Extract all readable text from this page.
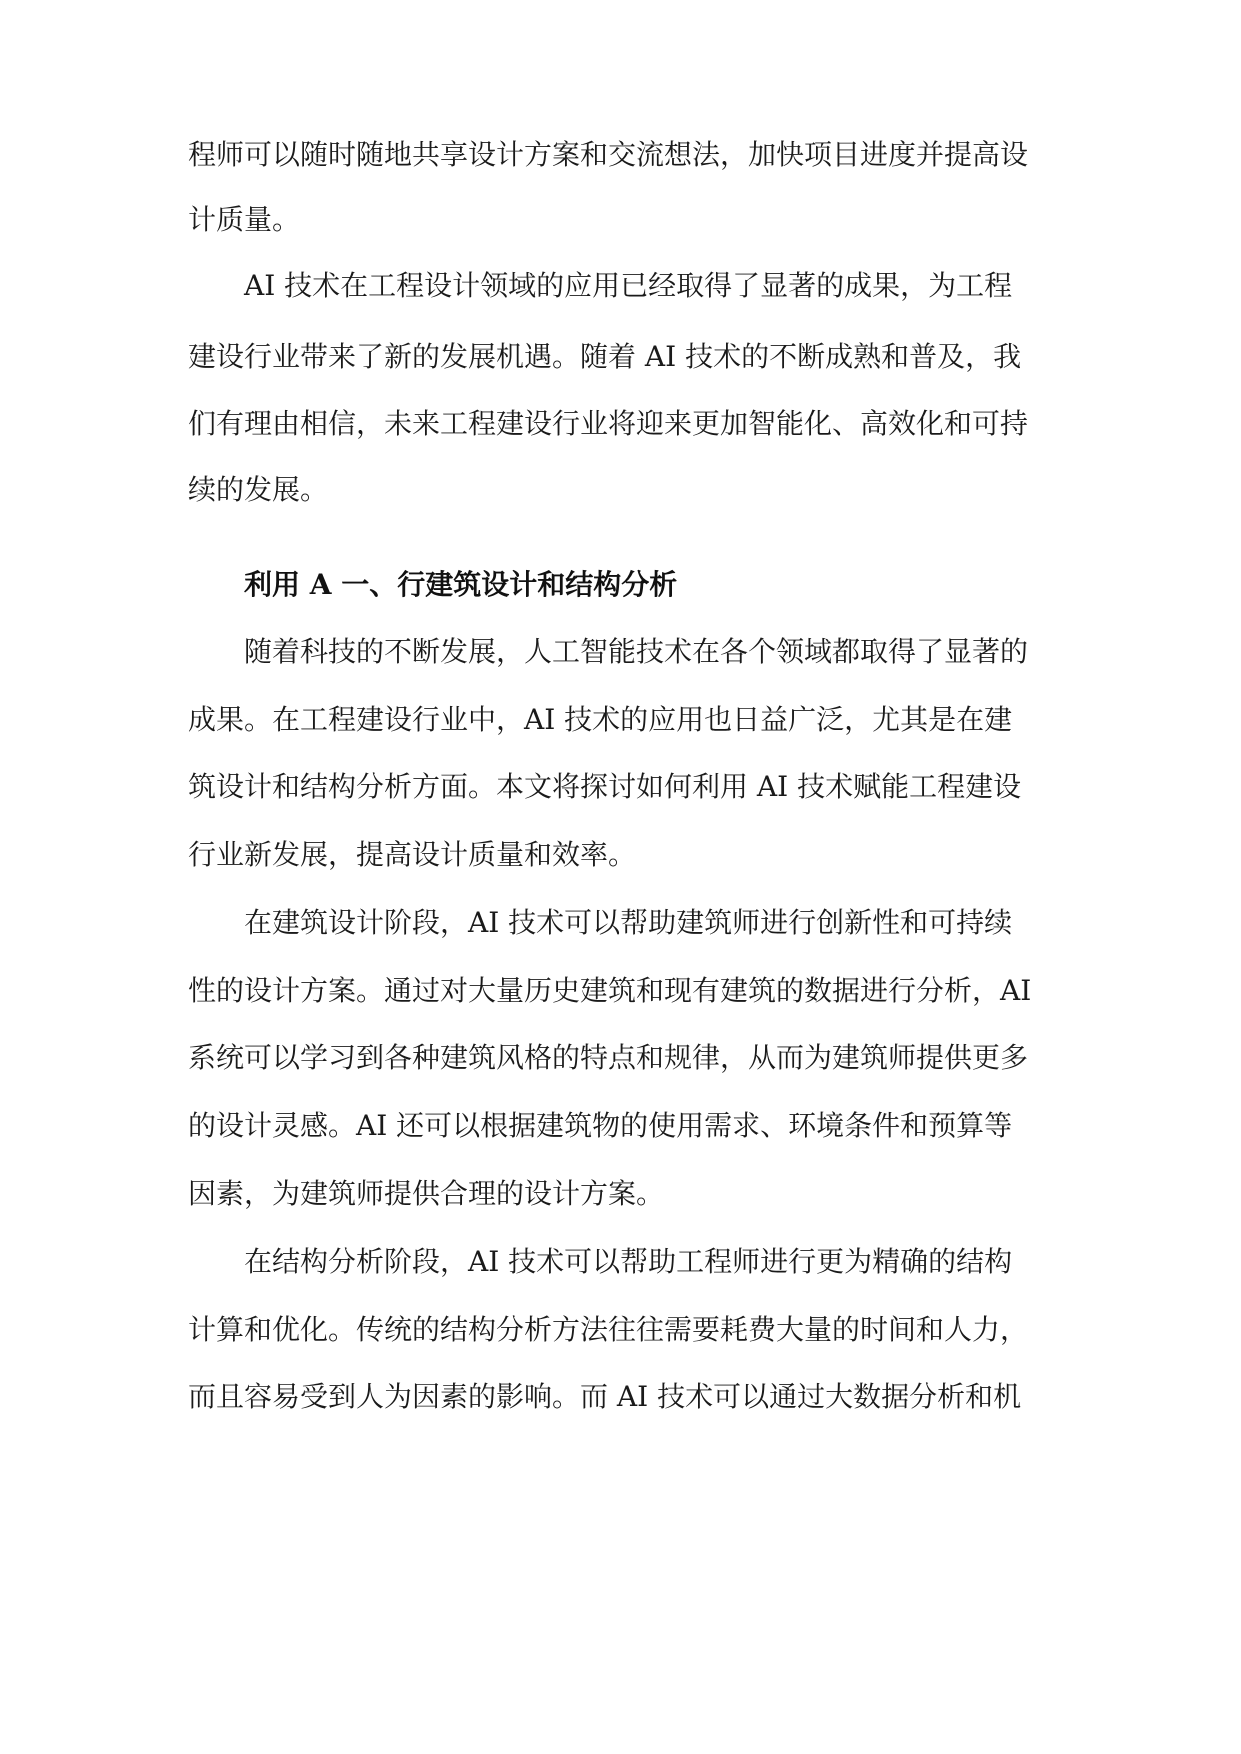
程师可以随时随地共享设计方案和交流想法，加快项目进度并提高设

计质量。

AI 技术在工程设计领域的应用已经取得了显著的成果，为工程

建设行业带来了新的发展机遇。随着 AI 技术的不断成熟和普及，我

们有理由相信，未来工程建设行业将迎来更加智能化、高效化和可持

续的发展。

利用 A 一、行建筑设计和结构分析

随着科技的不断发展，人工智能技术在各个领域都取得了显著的

成果。在工程建设行业中，AI 技术的应用也日益广泛，尤其是在建

筑设计和结构分析方面。本文将探讨如何利用 AI 技术赋能工程建设

行业新发展，提高设计质量和效率。

在建筑设计阶段，AI 技术可以帮助建筑师进行创新性和可持续

性的设计方案。通过对大量历史建筑和现有建筑的数据进行分析，AI

系统可以学习到各种建筑风格的特点和规律，从而为建筑师提供更多

的设计灵感。AI 还可以根据建筑物的使用需求、环境条件和预算等

因素，为建筑师提供合理的设计方案。

在结构分析阶段，AI 技术可以帮助工程师进行更为精确的结构

计算和优化。传统的结构分析方法往往需要耗费大量的时间和人力，

而且容易受到人为因素的影响。而 AI 技术可以通过大数据分析和机
